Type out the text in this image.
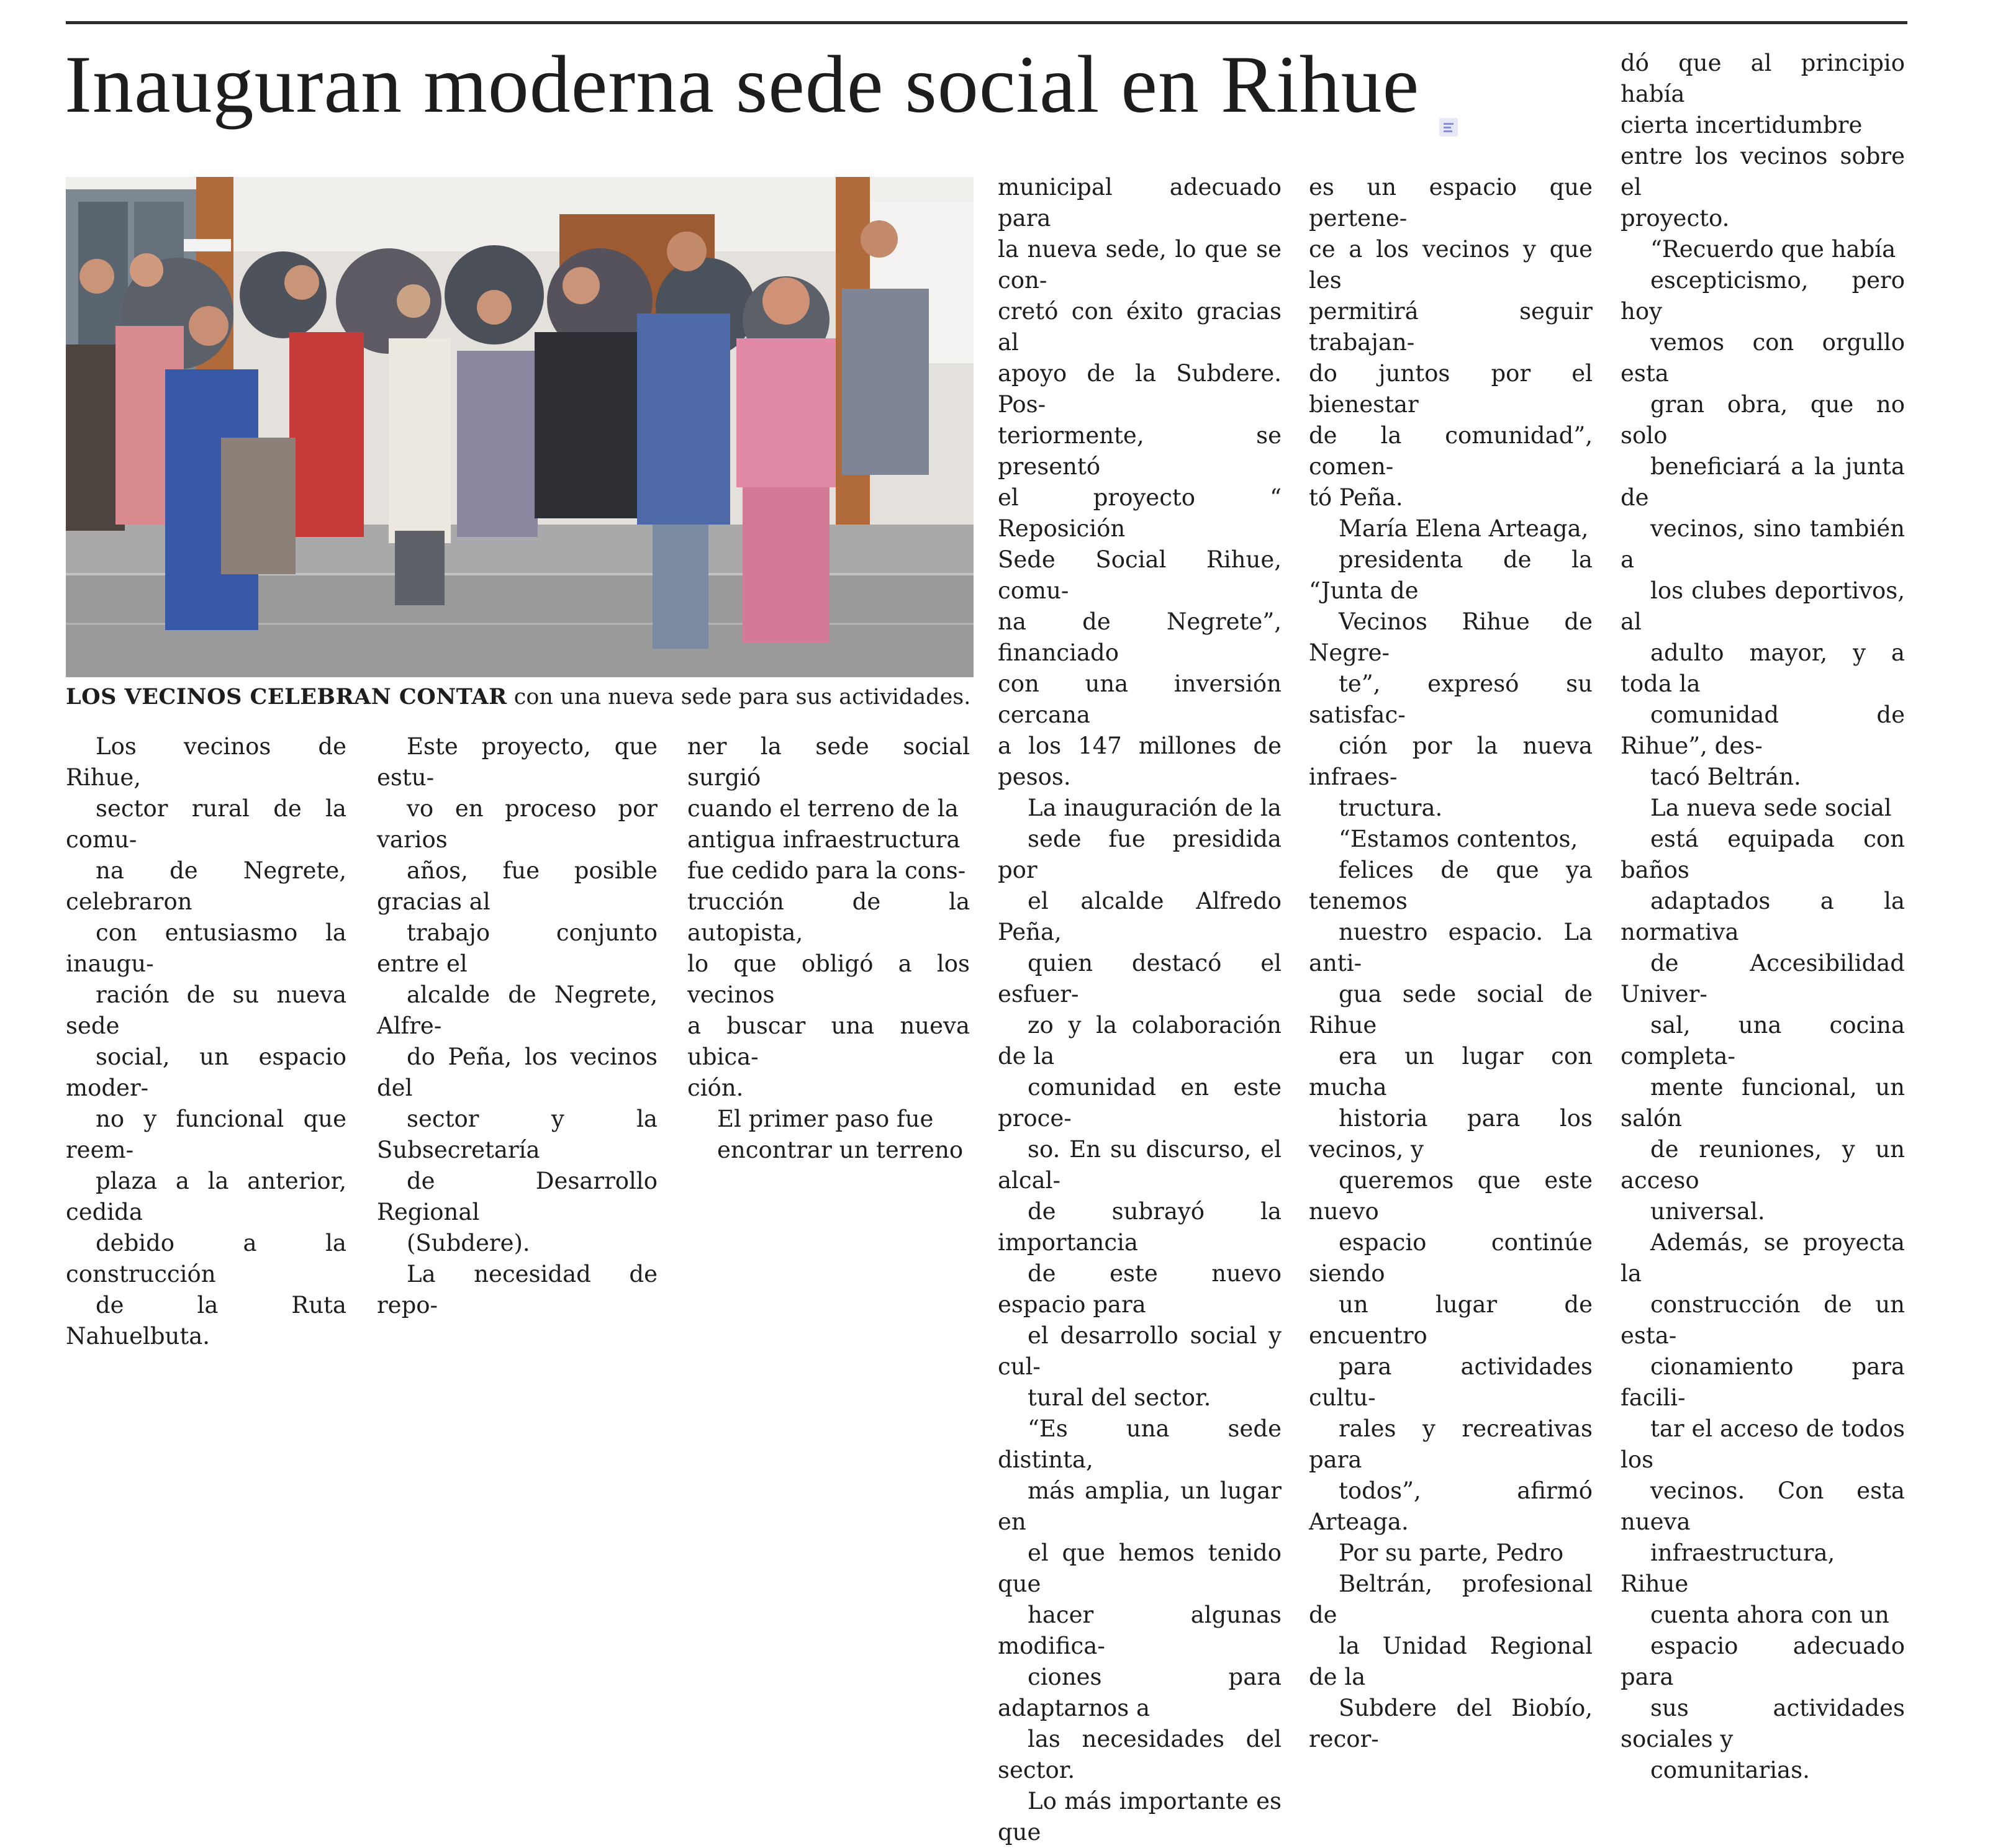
Inauguran moderna sede social en Rihue
LOS VECINOS CELEBRAN CONTAR con una nueva sede para sus actividades.

Los vecinos de Rihue,
sector rural de la comu-
na de Negrete, celebraron
con entusiasmo la inaugu-
ración de su nueva sede
social, un espacio moder-
no y funcional que reem-
plaza a la anterior, cedida
debido a la construcción
de la Ruta Nahuelbuta.

Este proyecto, que estu-
vo en proceso por varios
años, fue posible gracias al
trabajo conjunto entre el
alcalde de Negrete, Alfre-
do Peña, los vecinos del
sector y la Subsecretaría
de Desarrollo Regional
(Subdere).

La necesidad de repo-

ner la sede social surgió
cuando el terreno de la
antigua infraestructura
fue cedido para la cons-
trucción de la autopista,
lo que obligó a los vecinos
a buscar una nueva ubica-
ción.

El primer paso fue
encontrar un terreno

municipal adecuado para
la nueva sede, lo que se con-
cretó con éxito gracias al
apoyo de la Subdere. Pos-
teriormente, se presentó
el proyecto “ Reposición
Sede Social Rihue, comu-
na de Negrete”, financiado
con una inversión cercana
a los 147 millones de pesos.

La inauguración de la
sede fue presidida por
el alcalde Alfredo Peña,
quien destacó el esfuer-
zo y la colaboración de la
comunidad en este proce-
so. En su discurso, el alcal-
de subrayó la importancia
de este nuevo espacio para
el desarrollo social y cul-
tural del sector.

“Es una sede distinta,
más amplia, un lugar en
el que hemos tenido que
hacer algunas modifica-
ciones para adaptarnos a
las necesidades del sector.
Lo más importante es que

es un espacio que pertene-
ce a los vecinos y que les
permitirá seguir trabajan-
do juntos por el bienestar
de la comunidad”, comen-
tó Peña.

María Elena Arteaga,
presidenta de la “Junta de
Vecinos Rihue de Negre-
te”, expresó su satisfac-
ción por la nueva infraes-
tructura.

“Estamos contentos,
felices de que ya tenemos
nuestro espacio. La anti-
gua sede social de Rihue
era un lugar con mucha
historia para los vecinos, y
queremos que este nuevo
espacio continúe siendo
un lugar de encuentro
para actividades cultu-
rales y recreativas para
todos”, afirmó Arteaga.

Por su parte, Pedro
Beltrán, profesional de
la Unidad Regional de la
Subdere del Biobío, recor-

dó que al principio había
cierta incertidumbre
entre los vecinos sobre el
proyecto.

“Recuerdo que había
escepticismo, pero hoy
vemos con orgullo esta
gran obra, que no solo
beneficiará a la junta de
vecinos, sino también a
los clubes deportivos, al
adulto mayor, y a toda la
comunidad de Rihue”, des-
tacó Beltrán.

La nueva sede social
está equipada con baños
adaptados a la normativa
de Accesibilidad Univer-
sal, una cocina completa-
mente funcional, un salón
de reuniones, y un acceso
universal.

Además, se proyecta la
construcción de un esta-
cionamiento para facili-
tar el acceso de todos los
vecinos. Con esta nueva
infraestructura, Rihue
cuenta ahora con un
espacio adecuado para
sus actividades sociales y
comunitarias.
